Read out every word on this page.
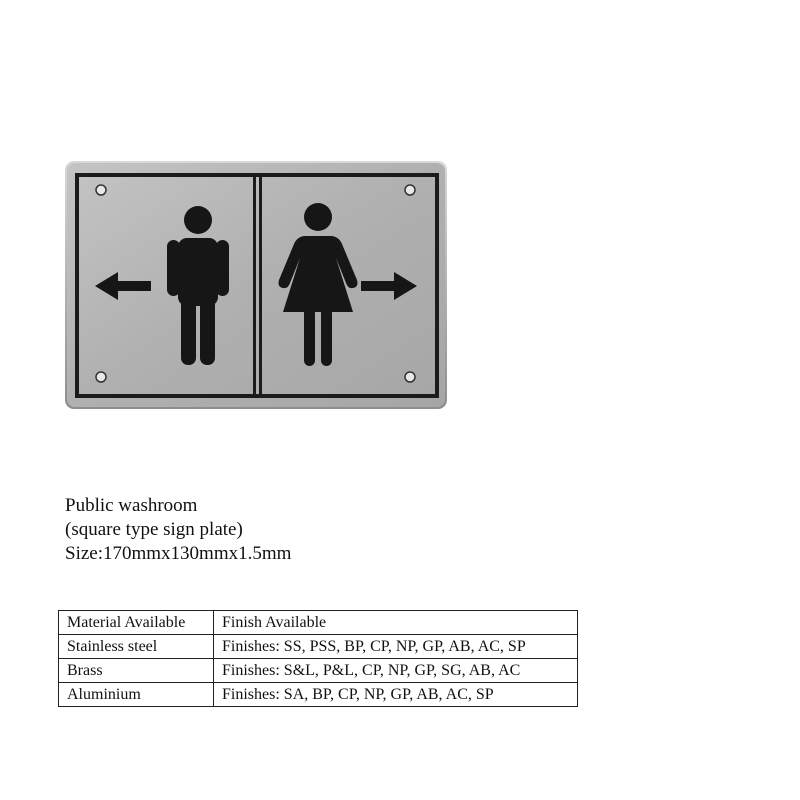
Public washroom
(square type sign plate)
Size:170mmx130mmx1.5mm
Material Available	Finish Available
Stainless steel	Finishes: SS, PSS, BP, CP, NP, GP, AB, AC, SP
Brass	Finishes: S&L, P&L, CP, NP, GP, SG, AB, AC
Aluminium	Finishes: SA, BP, CP, NP, GP, AB, AC, SP
